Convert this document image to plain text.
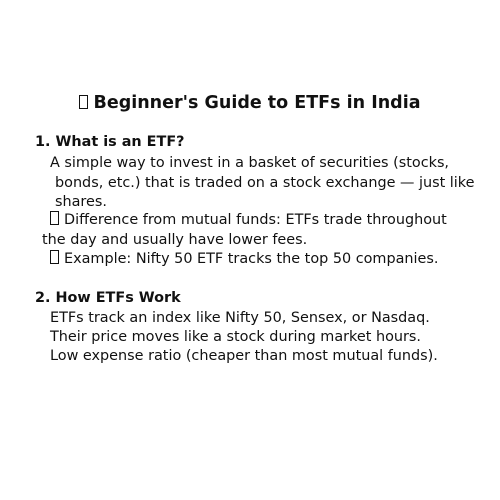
Beginner's Guide to ETFs in India
1. What is an ETF?
A simple way to invest in a basket of securities (stocks,
bonds, etc.) that is traded on a stock exchange — just like
shares.
Difference from mutual funds: ETFs trade throughout
the day and usually have lower fees.
Example: Nifty 50 ETF tracks the top 50 companies.
2. How ETFs Work
ETFs track an index like Nifty 50, Sensex, or Nasdaq.
Their price moves like a stock during market hours.
Low expense ratio (cheaper than most mutual funds).
